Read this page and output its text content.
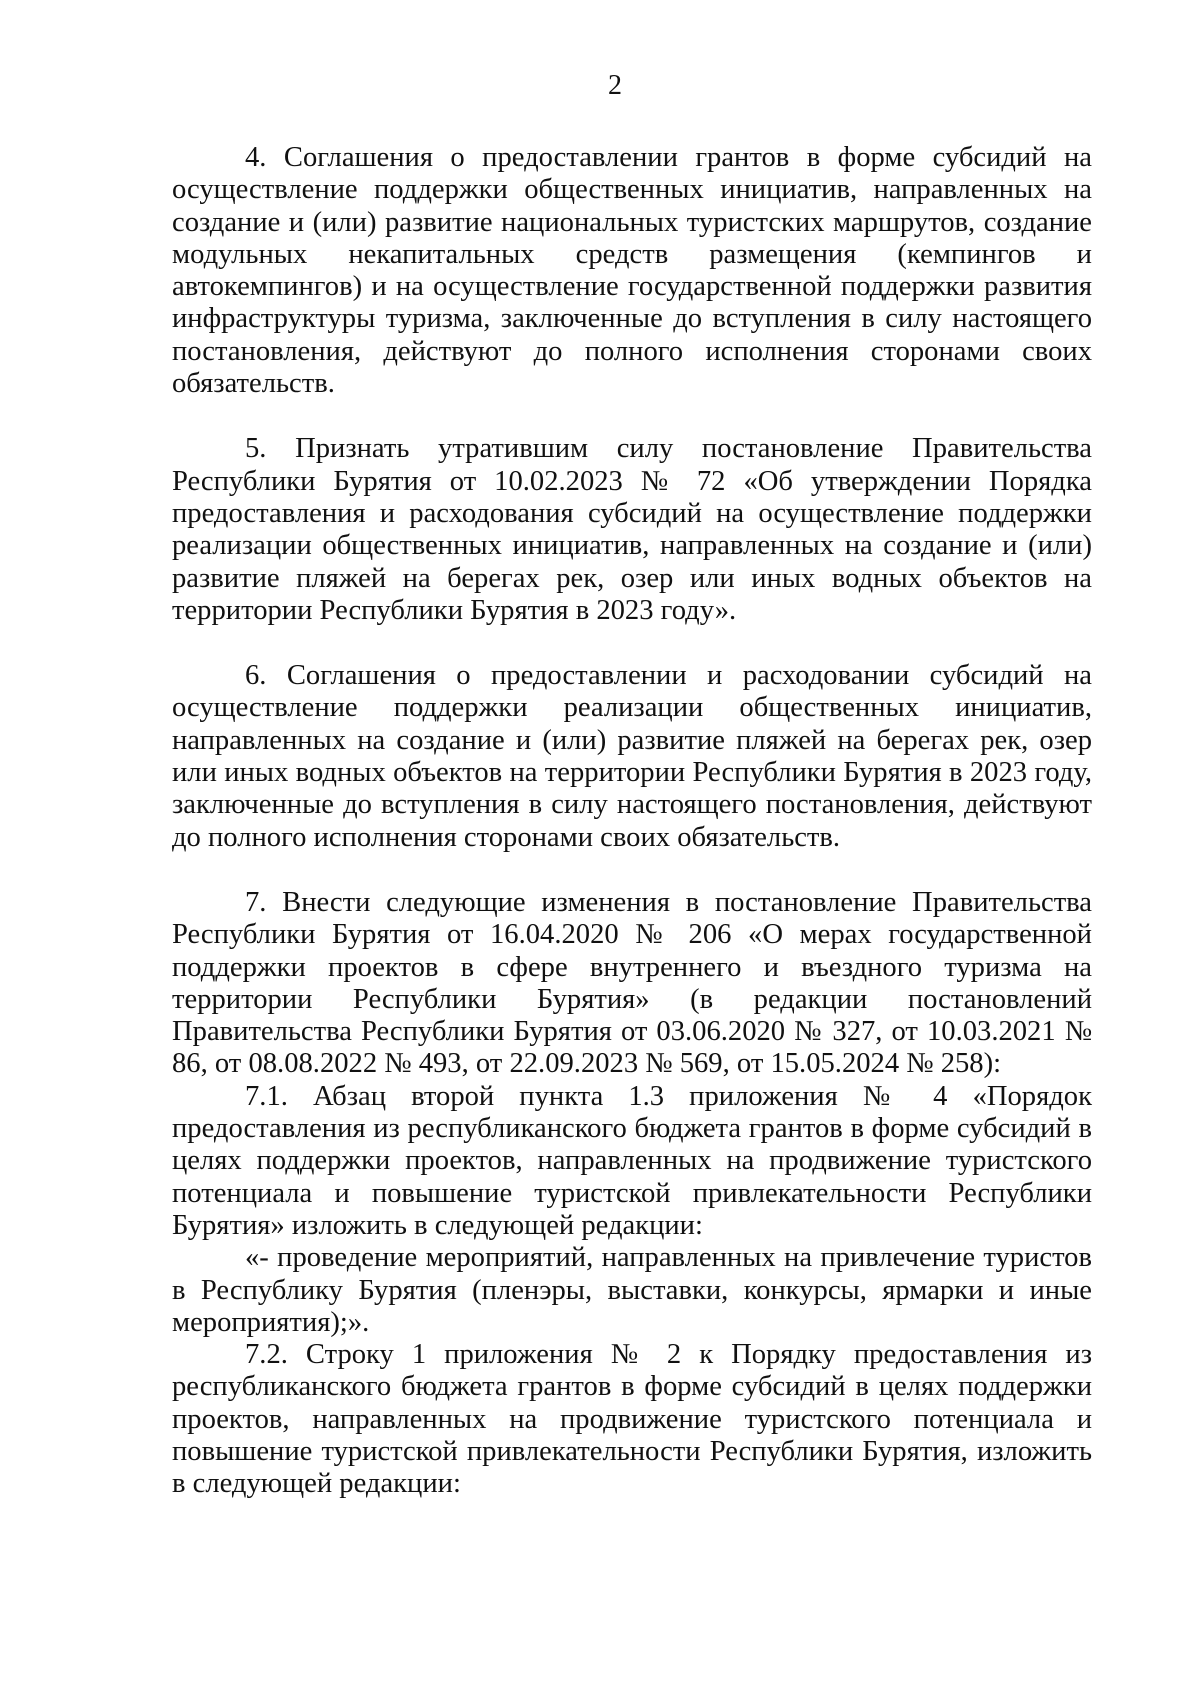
2

4. Соглашения о предоставлении грантов в форме субсидий на осуществление поддержки общественных инициатив, направленных на создание и (или) развитие национальных туристских маршрутов, создание модульных некапитальных средств размещения (кемпингов и автокемпингов) и на осуществление государственной поддержки развития инфраструктуры туризма, заключенные до вступления в силу настоящего постановления, действуют до полного исполнения сторонами своих обязательств.

5. Признать утратившим силу постановление Правительства Республики Бурятия от 10.02.2023 № 72 «Об утверждении Порядка предоставления и расходования субсидий на осуществление поддержки реализации общественных инициатив, направленных на создание и (или) развитие пляжей на берегах рек, озер или иных водных объектов на территории Республики Бурятия в 2023 году».

6. Соглашения о предоставлении и расходовании субсидий на осуществление поддержки реализации общественных инициатив, направленных на создание и (или) развитие пляжей на берегах рек, озер или иных водных объектов на территории Республики Бурятия в 2023 году, заключенные до вступления в силу настоящего постановления, действуют до полного исполнения сторонами своих обязательств.

7. Внести следующие изменения в постановление Правительства Республики Бурятия от 16.04.2020 № 206 «О мерах государственной поддержки проектов в сфере внутреннего и въездного туризма на территории Республики Бурятия» (в редакции постановлений Правительства Республики Бурятия от 03.06.2020 № 327, от 10.03.2021 № 86, от 08.08.2022 № 493, от 22.09.2023 № 569, от 15.05.2024 № 258):

7.1. Абзац второй пункта 1.3 приложения № 4 «Порядок предоставления из республиканского бюджета грантов в форме субсидий в целях поддержки проектов, направленных на продвижение туристского потенциала и повышение туристской привлекательности Республики Бурятия» изложить в следующей редакции:

«- проведение мероприятий, направленных на привлечение туристов в Республику Бурятия (пленэры, выставки, конкурсы, ярмарки и иные мероприятия);».

7.2. Строку 1 приложения № 2 к Порядку предоставления из республиканского бюджета грантов в форме субсидий в целях поддержки проектов, направленных на продвижение туристского потенциала и повышение туристской привлекательности Республики Бурятия, изложить в следующей редакции:
